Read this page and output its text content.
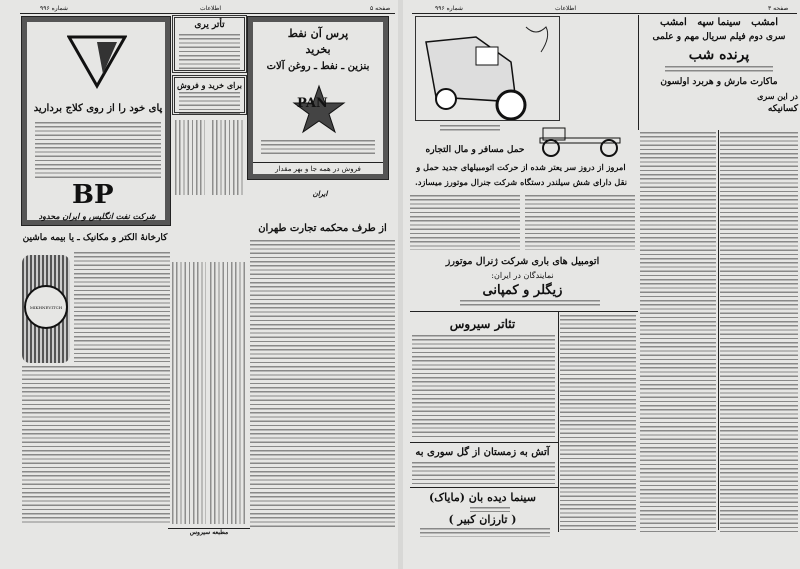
شماره ۹۹۶	اطلاعات	صفحه ۵
پای خود را از روی کلاج بردارید
BP
شرکت نفت انگلیس و ایران محدود
تأتر یری
برای خرید و فروش
پرس آن نفط
بخرید
بنزین ـ نفط ـ روغن آلات
PAN
فروش در همه جا و بهر مقدار
ایران
از طرف محکمه تجارت طهران
کارخانهٔ الکتر و مکانیک ـ یا بیمه ماشین
MIKHNEVITCH
مطبعه سیروس
شماره ۹۹۶	اطلاعات	صفحه ۳
امشب   سینما سپه   امشب
سری دوم فیلم سریال مهم و علمی
پرنده شب
ماکارت مارش و هربرد اولسون
در این سری
کسانیکه
حمل مسافر و مال التجاره
امروز از دروز سر یعتر شده از حرکت اتومبیلهای جدید حمل و
نقل دارای شش سیلندر دستگاه شرکت جنرال موتورز میسازد.
اتومبیل های باری شرکت ژنرال موتورز
نمایندگان در ایران:
زیگلر و کمپانی
تئاتر سیروس
آتش به زمستان از گل سوری به
سینما دیده بان (مایاک)
( تارزان کبیر )
